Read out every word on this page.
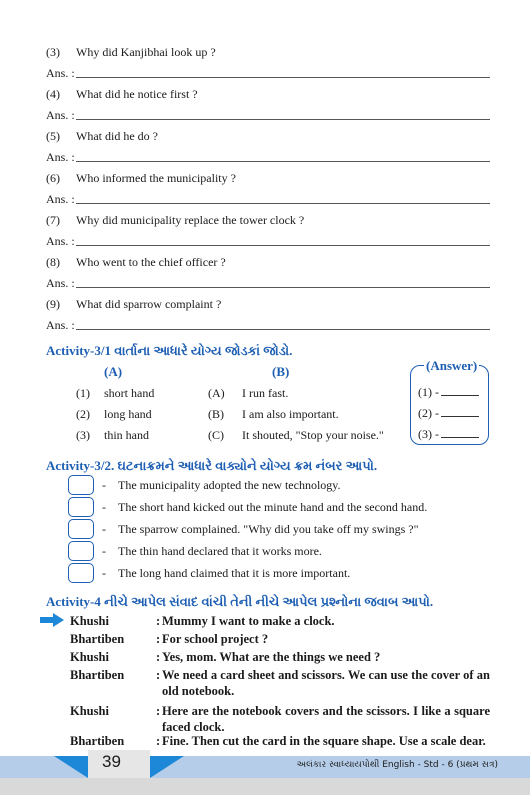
(3) Why did Kanjibhai look up ?
Ans. :
(4) What did he notice first ?
Ans. :
(5) What did he do ?
Ans. :
(6) Who informed the municipality ?
Ans. :
(7) Why did municipality replace the tower clock ?
Ans. :
(8) Who went to the chief officer ?
Ans. :
(9) What did sparrow complaint ?
Ans. :
Activity-3/1 વાર્તાના આધારે યોગ્ય જોડકાં જોડો.
(A)	(B)	(Answer)
(1) short hand	(A) I run fast.
(2) long hand	(B) I am also important.
(3) thin hand	(C) It shouted, "Stop your noise."
(1) -
(2) -
(3) -
Activity-3/2. ઘટનાક્રમને આધારે વાક્યોને યોગ્ય ક્રમ નંબર આપો.
- The municipality adopted the new technology.
- The short hand kicked out the minute hand and the second hand.
- The sparrow complained. "Why did you take off my swings ?"
- The thin hand declared that it works more.
- The long hand claimed that it is more important.
Activity-4 નીચે આપેલ સંવાદ વાંચી તેની નીચે આપેલ પ્રશ્નોના જવાબ આપો.
Khushi	: Mummy I want to make a clock.
Bhartiben	: For school project ?
Khushi	: Yes, mom. What are the things we need ?
Bhartiben	: We need a card sheet and scissors. We can use the cover of an old notebook.
Khushi	: Here are the notebook covers and the scissors. I like a square faced clock.
Bhartiben	: Fine. Then cut the card in the square shape. Use a scale dear.
39	અલંકાર સ્વાધ્યાયપોથી English - Std - 6 (પ્રથમ સત્ર)
